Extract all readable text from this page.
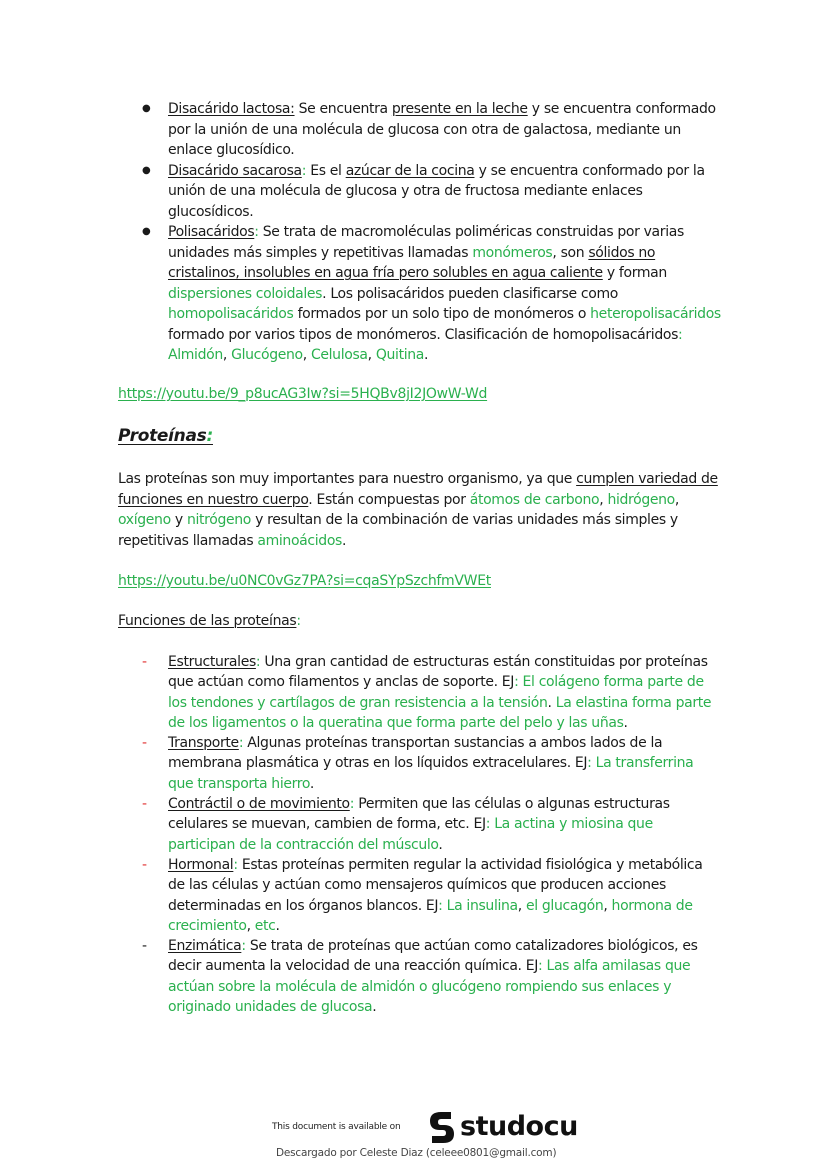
● Disacárido lactosa: Se encuentra presente en la leche y se encuentra conformado por la unión de una molécula de glucosa con otra de galactosa, mediante un enlace glucosídico.
● Disacárido sacarosa: Es el azúcar de la cocina y se encuentra conformado por la unión de una molécula de glucosa y otra de fructosa mediante enlaces glucosídicos.
● Polisacáridos: Se trata de macromoléculas poliméricas construidas por varias unidades más simples y repetitivas llamadas monómeros, son sólidos no cristalinos, insolubles en agua fría pero solubles en agua caliente y forman dispersiones coloidales. Los polisacáridos pueden clasificarse como homopolisacáridos formados por un solo tipo de monómeros o heteropolisacáridos formado por varios tipos de monómeros. Clasificación de homopolisacáridos: Almidón, Glucógeno, Celulosa, Quitina.
https://youtu.be/9_p8ucAG3Iw?si=5HQBv8jI2JOwW-Wd
Proteínas:

Las proteínas son muy importantes para nuestro organismo, ya que cumplen variedad de funciones en nuestro cuerpo. Están compuestas por átomos de carbono, hidrógeno, oxígeno y nitrógeno y resultan de la combinación de varias unidades más simples y repetitivas llamadas aminoácidos.

https://youtu.be/u0NC0vGz7PA?si=cqaSYpSzchfmVWEt
Funciones de las proteínas:
- Estructurales: Una gran cantidad de estructuras están constituidas por proteínas que actúan como filamentos y anclas de soporte. EJ: El colágeno forma parte de los tendones y cartílagos de gran resistencia a la tensión. La elastina forma parte de los ligamentos o la queratina que forma parte del pelo y las uñas.
- Transporte: Algunas proteínas transportan sustancias a ambos lados de la membrana plasmática y otras en los líquidos extracelulares. EJ: La transferrina que transporta hierro.
- Contráctil o de movimiento: Permiten que las células o algunas estructuras celulares se muevan, cambien de forma, etc. EJ: La actina y miosina que participan de la contracción del músculo.
- Hormonal: Estas proteínas permiten regular la actividad fisiológica y metabólica de las células y actúan como mensajeros químicos que producen acciones determinadas en los órganos blancos. EJ: La insulina, el glucagón, hormona de crecimiento, etc.
- Enzimática: Se trata de proteínas que actúan como catalizadores biológicos, es decir aumenta la velocidad de una reacción química. EJ: Las alfa amilasas que actúan sobre la molécula de almidón o glucógeno rompiendo sus enlaces y originado unidades de glucosa.
This document is available on studocu
Descargado por Celeste Diaz (celeee0801@gmail.com)
